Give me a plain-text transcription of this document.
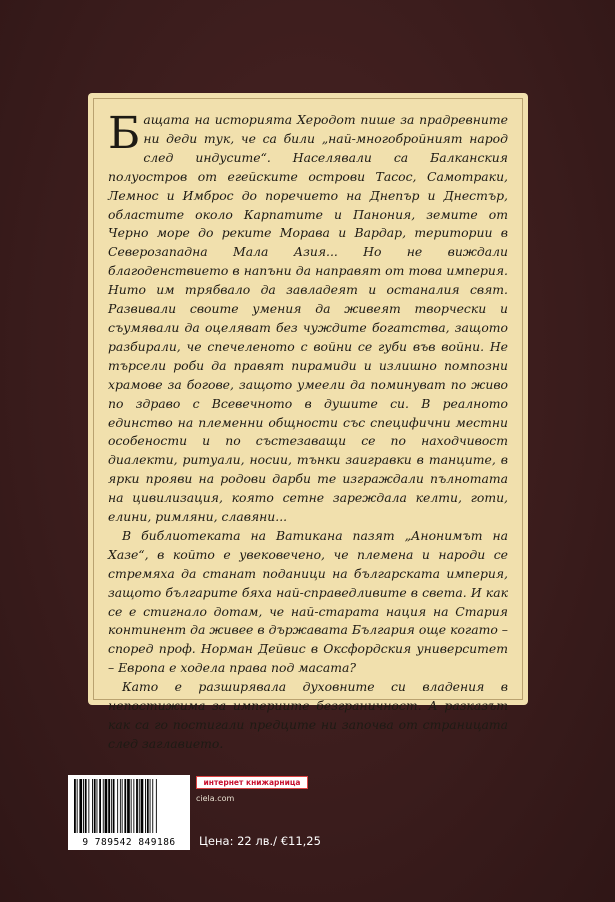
Бащата на историята Херодот пише за прадревните ни деди тук, че са били „най-многобройният народ след индусите“. Населявали са Балканския полуостров от егейските острови Тасос, Самотраки, Лемнос и Имброс до поречието на Днепър и Днестър, областите около Карпатите и Панония, земите от Черно море до реките Морава и Вардар, територии в Северозападна Мала Азия... Но не виждали благоденствието в напъни да направят от това империя. Нито им трябвало да завладеят и останалия свят. Развивали своите умения да живеят творчески и съумявали да оцеляват без чуждите богатства, защото разбирали, че спечеленото с войни се губи във войни. Не търсели роби да правят пирамиди и излишно помпозни храмове за богове, защото умеели да поминуват по живо по здраво с Всевечното в душите си. В реалното единство на племенни общности със специфични местни особености и по състезаващи се по находчивост диалекти, ритуали, носии, тънки заигравки в танците, в ярки прояви на родови дарби те изграждали пълнотата на цивилизация, която сетне зареждала келти, готи, елини, римляни, славяни...

В библиотеката на Ватикана пазят „Анонимът на Хазе“, в който е увековечено, че племена и народи се стремяха да станат поданици на българската империя, защото българите бяха най-справедливите в света. И как се е стигнало дотам, че най-старата нация на Стария континент да живее в държавата България още когато – според проф. Норман Дейвис в Оксфордския университет – Европа е ходела права под масата?

Като е разширявала духовните си владения в непостижима за империите безграничност. А разказът как са го постигали предците ни започва от страницата след заглавието.

9 789542 849186
интернет книжарница
ciela.com
Цена: 22 лв./ €11,25
